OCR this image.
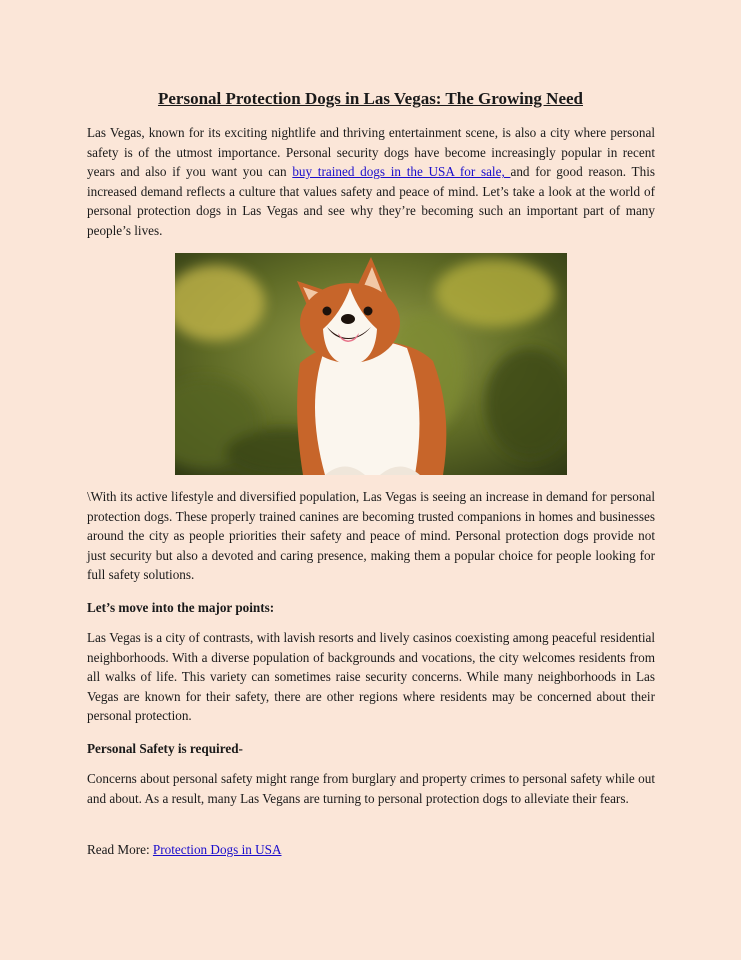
Personal Protection Dogs in Las Vegas: The Growing Need

Las Vegas, known for its exciting nightlife and thriving entertainment scene, is also a city where personal safety is of the utmost importance. Personal security dogs have become increasingly popular in recent years and also if you want you can buy trained dogs in the USA for sale, and for good reason. This increased demand reflects a culture that values safety and peace of mind. Let’s take a look at the world of personal protection dogs in Las Vegas and see why they’re becoming such an important part of many people’s lives.

\With its active lifestyle and diversified population, Las Vegas is seeing an increase in demand for personal protection dogs. These properly trained canines are becoming trusted companions in homes and businesses around the city as people priorities their safety and peace of mind. Personal protection dogs provide not just security but also a devoted and caring presence, making them a popular choice for people looking for full safety solutions.

Let’s move into the major points:

Las Vegas is a city of contrasts, with lavish resorts and lively casinos coexisting among peaceful residential neighborhoods. With a diverse population of backgrounds and vocations, the city welcomes residents from all walks of life. This variety can sometimes raise security concerns. While many neighborhoods in Las Vegas are known for their safety, there are other regions where residents may be concerned about their personal protection.

Personal Safety is required-

Concerns about personal safety might range from burglary and property crimes to personal safety while out and about. As a result, many Las Vegans are turning to personal protection dogs to alleviate their fears.

Read More: Protection Dogs in USA
